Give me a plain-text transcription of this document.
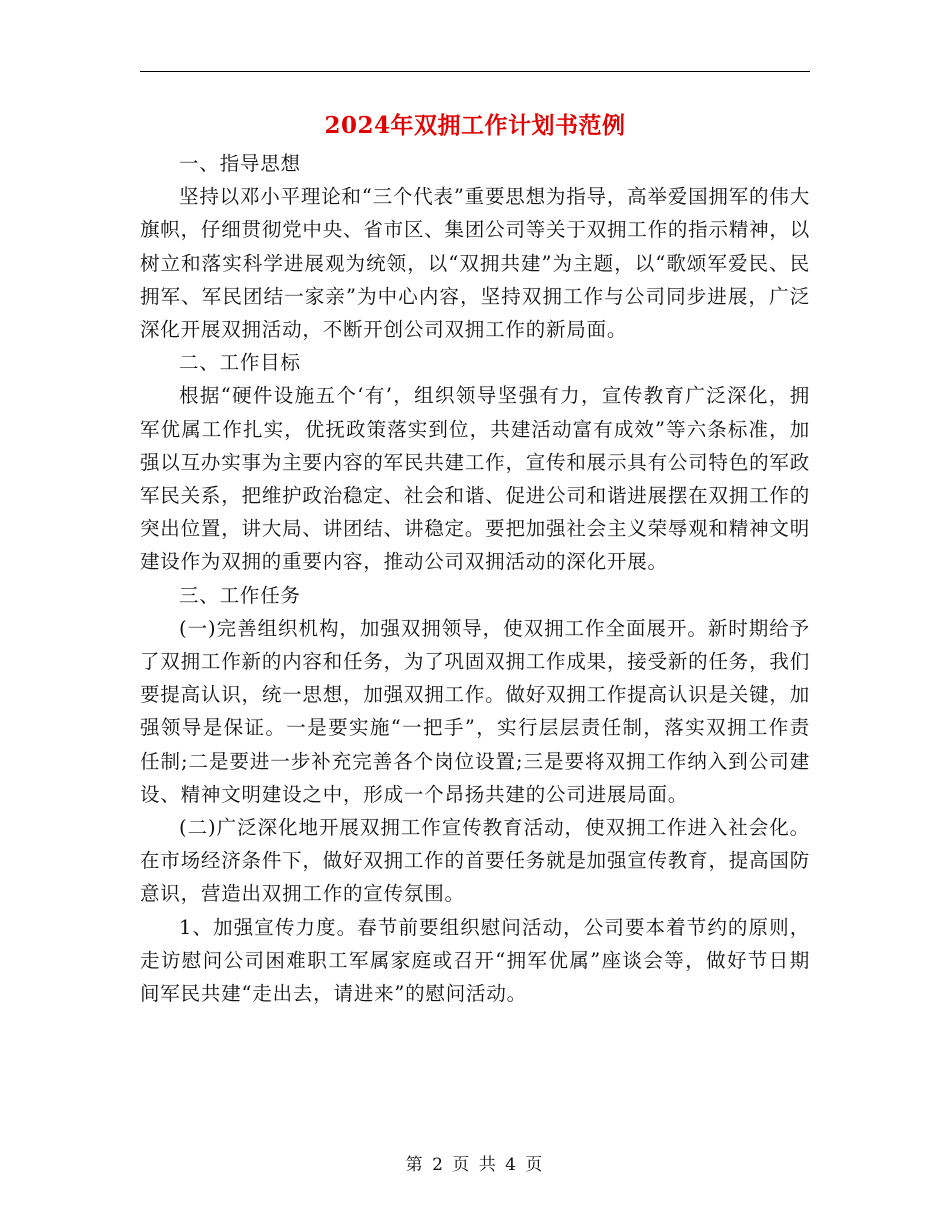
2024年双拥工作计划书范例

一、指导思想

坚持以邓小平理论和“三个代表”重要思想为指导，高举爱国拥军的伟大旗帜，仔细贯彻党中央、省市区、集团公司等关于双拥工作的指示精神，以树立和落实科学进展观为统领，以“双拥共建”为主题，以“歌颂军爱民、民拥军、军民团结一家亲”为中心内容，坚持双拥工作与公司同步进展，广泛深化开展双拥活动，不断开创公司双拥工作的新局面。

二、工作目标

根据“硬件设施五个‘有’，组织领导坚强有力，宣传教育广泛深化，拥军优属工作扎实，优抚政策落实到位，共建活动富有成效”等六条标准，加强以互办实事为主要内容的军民共建工作，宣传和展示具有公司特色的军政军民关系，把维护政治稳定、社会和谐、促进公司和谐进展摆在双拥工作的突出位置，讲大局、讲团结、讲稳定。要把加强社会主义荣辱观和精神文明建设作为双拥的重要内容，推动公司双拥活动的深化开展。

三、工作任务

(一)完善组织机构，加强双拥领导，使双拥工作全面展开。新时期给予了双拥工作新的内容和任务，为了巩固双拥工作成果，接受新的任务，我们要提高认识，统一思想，加强双拥工作。做好双拥工作提高认识是关键，加强领导是保证。一是要实施“一把手”，实行层层责任制，落实双拥工作责任制;二是要进一步补充完善各个岗位设置;三是要将双拥工作纳入到公司建设、精神文明建设之中，形成一个昂扬共建的公司进展局面。

(二)广泛深化地开展双拥工作宣传教育活动，使双拥工作进入社会化。在市场经济条件下，做好双拥工作的首要任务就是加强宣传教育，提高国防意识，营造出双拥工作的宣传氛围。

1、加强宣传力度。春节前要组织慰问活动，公司要本着节约的原则，走访慰问公司困难职工军属家庭或召开“拥军优属”座谈会等，做好节日期间军民共建“走出去，请进来”的慰问活动。

第 2 页 共 4 页
